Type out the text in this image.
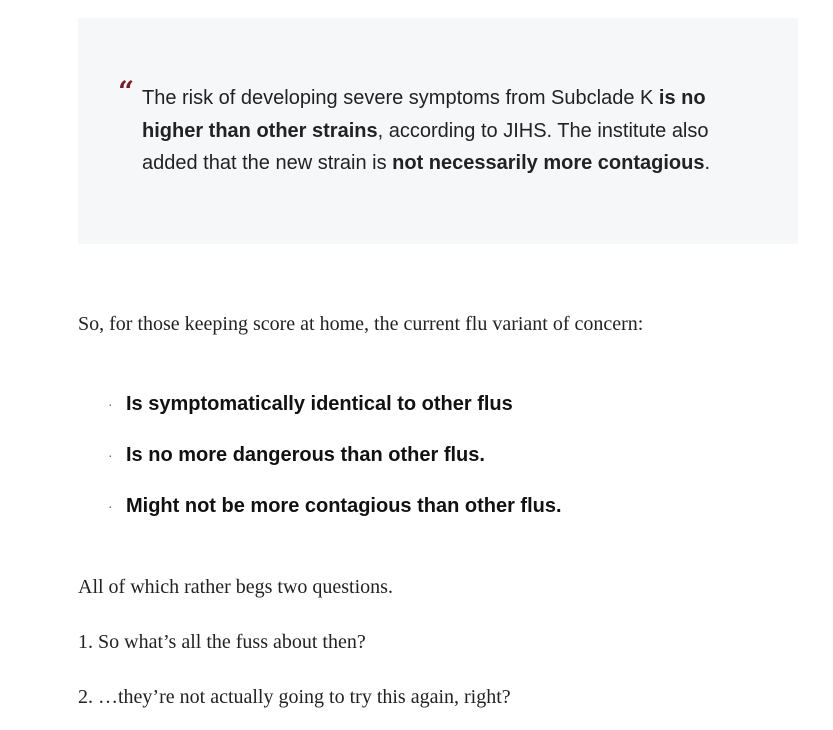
“ The risk of developing severe symptoms from Subclade K is no higher than other strains, according to JIHS. The institute also added that the new strain is not necessarily more contagious.

So, for those keeping score at home, the current flu variant of concern:

· Is symptomatically identical to other flus
· Is no more dangerous than other flus.
· Might not be more contagious than other flus.

All of which rather begs two questions.

1. So what’s all the fuss about then?

2. …they’re not actually going to try this again, right?
